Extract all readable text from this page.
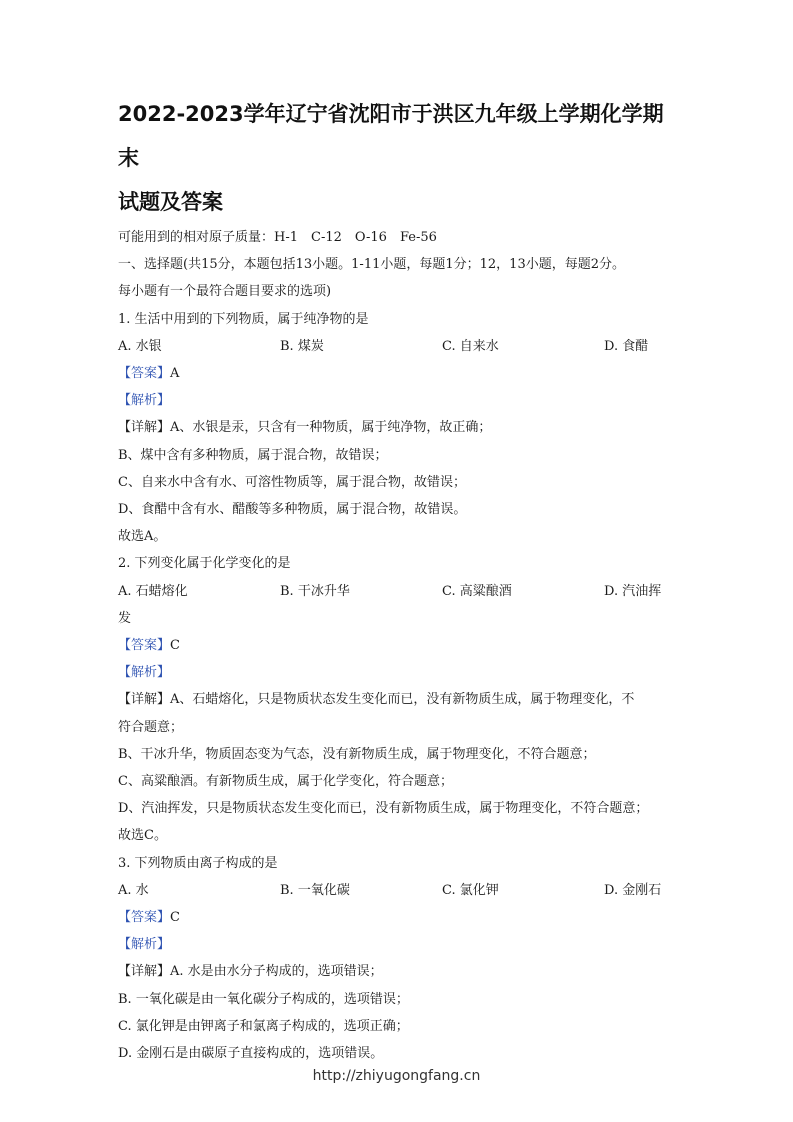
2022-2023学年辽宁省沈阳市于洪区九年级上学期化学期末
试题及答案
可能用到的相对原子质量：H-1　C-12　O-16　Fe-56
一、选择题(共15分，本题包括13小题。1-11小题，每题1分；12，13小题，每题2分。
每小题有一个最符合题目要求的选项)
1. 生活中用到的下列物质，属于纯净物的是
A. 水银	B. 煤炭	C. 自来水	D. 食醋
【答案】A
【解析】
【详解】A、水银是汞，只含有一种物质，属于纯净物，故正确；
B、煤中含有多种物质，属于混合物，故错误；
C、自来水中含有水、可溶性物质等，属于混合物，故错误；
D、食醋中含有水、醋酸等多种物质，属于混合物，故错误。
故选A。
2. 下列变化属于化学变化的是
A. 石蜡熔化	B. 干冰升华	C. 高粱酿酒	D. 汽油挥
发
【答案】C
【解析】
【详解】A、石蜡熔化，只是物质状态发生变化而已，没有新物质生成，属于物理变化，不
符合题意；
B、干冰升华，物质固态变为气态，没有新物质生成，属于物理变化，不符合题意；
C、高粱酿酒。有新物质生成，属于化学变化，符合题意；
D、汽油挥发，只是物质状态发生变化而已，没有新物质生成，属于物理变化，不符合题意；
故选C。
3. 下列物质由离子构成的是
A. 水	B. 一氧化碳	C. 氯化钾	D. 金刚石
【答案】C
【解析】
【详解】A. 水是由水分子构成的，选项错误；
B. 一氧化碳是由一氧化碳分子构成的，选项错误；
C. 氯化钾是由钾离子和氯离子构成的，选项正确；
D. 金刚石是由碳原子直接构成的，选项错误。
http://zhiyugongfang.cn
